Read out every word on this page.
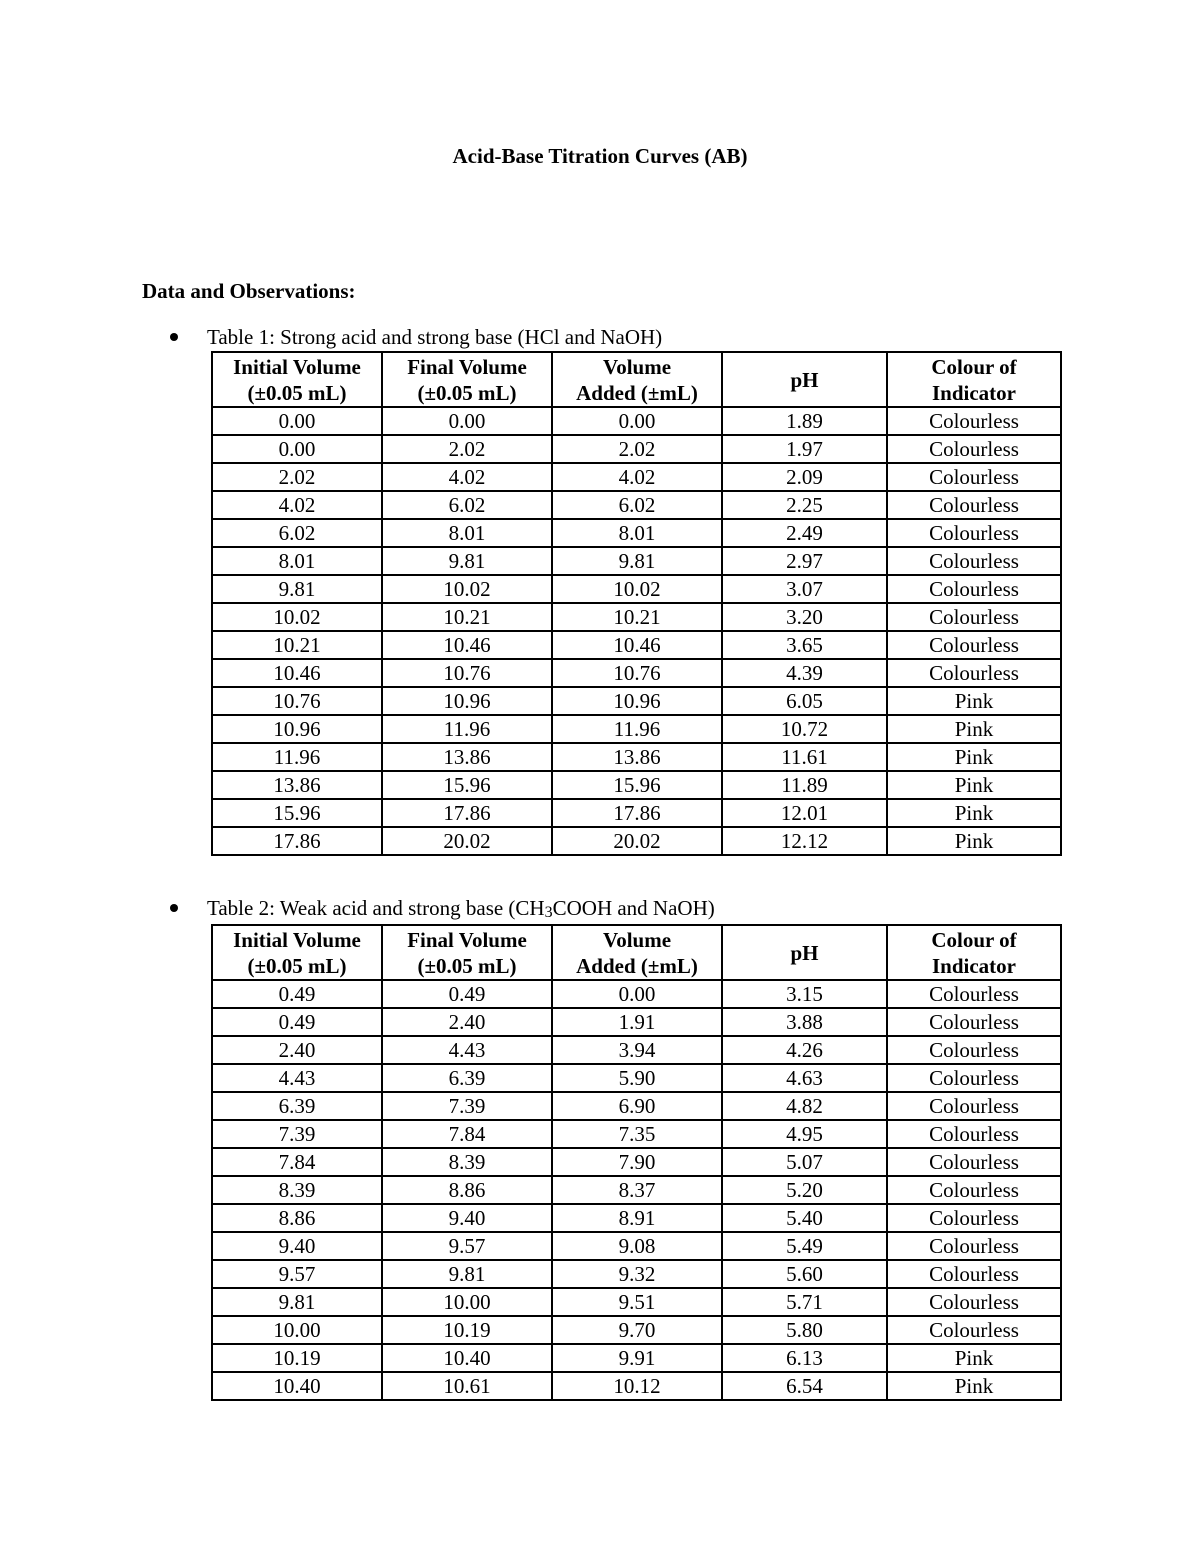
Acid-Base Titration Curves (AB)
Data and Observations:
Table 1: Strong acid and strong base (HCl and NaOH)
Initial Volume
(±0.05 mL)	Final Volume
(±0.05 mL)	Volume
Added (±mL)	pH	Colour of
Indicator
0.00	0.00	0.00	1.89	Colourless
0.00	2.02	2.02	1.97	Colourless
2.02	4.02	4.02	2.09	Colourless
4.02	6.02	6.02	2.25	Colourless
6.02	8.01	8.01	2.49	Colourless
8.01	9.81	9.81	2.97	Colourless
9.81	10.02	10.02	3.07	Colourless
10.02	10.21	10.21	3.20	Colourless
10.21	10.46	10.46	3.65	Colourless
10.46	10.76	10.76	4.39	Colourless
10.76	10.96	10.96	6.05	Pink
10.96	11.96	11.96	10.72	Pink
11.96	13.86	13.86	11.61	Pink
13.86	15.96	15.96	11.89	Pink
15.96	17.86	17.86	12.01	Pink
17.86	20.02	20.02	12.12	Pink
Table 2: Weak acid and strong base ($CH_3COOH$ and NaOH)
Initial Volume
(±0.05 mL)	Final Volume
(±0.05 mL)	Volume
Added (±mL)	pH	Colour of
Indicator
0.49	0.49	0.00	3.15	Colourless
0.49	2.40	1.91	3.88	Colourless
2.40	4.43	3.94	4.26	Colourless
4.43	6.39	5.90	4.63	Colourless
6.39	7.39	6.90	4.82	Colourless
7.39	7.84	7.35	4.95	Colourless
7.84	8.39	7.90	5.07	Colourless
8.39	8.86	8.37	5.20	Colourless
8.86	9.40	8.91	5.40	Colourless
9.40	9.57	9.08	5.49	Colourless
9.57	9.81	9.32	5.60	Colourless
9.81	10.00	9.51	5.71	Colourless
10.00	10.19	9.70	5.80	Colourless
10.19	10.40	9.91	6.13	Pink
10.40	10.61	10.12	6.54	Pink
